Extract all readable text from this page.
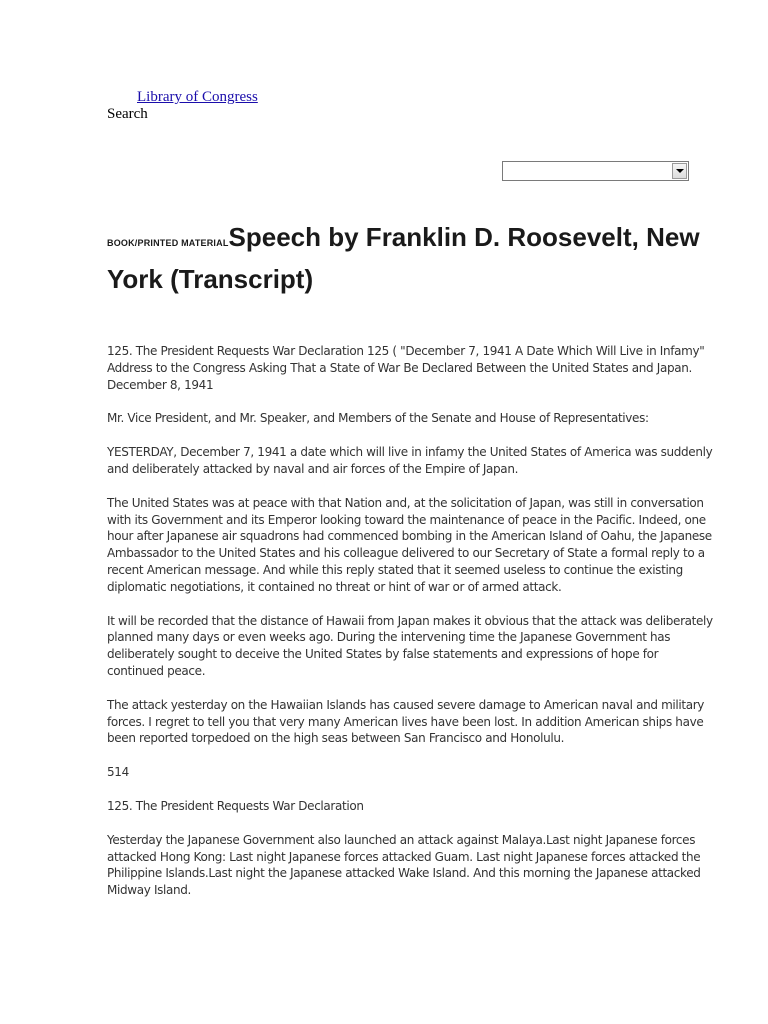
Library of Congress
Search
BOOK/PRINTED MATERIALSpeech by Franklin D. Roosevelt, New York (Transcript)

125. The President Requests War Declaration 125 ( "December 7, 1941 A Date Which Will Live in Infamy" Address to the Congress Asking That a State of War Be Declared Between the United States and Japan. December 8, 1941

Mr. Vice President, and Mr. Speaker, and Members of the Senate and House of Representatives:

YESTERDAY, December 7, 1941 a date which will live in infamy the United States of America was suddenly and deliberately attacked by naval and air forces of the Empire of Japan.

The United States was at peace with that Nation and, at the solicitation of Japan, was still in conversation with its Government and its Emperor looking toward the maintenance of peace in the Pacific. Indeed, one hour after Japanese air squadrons had commenced bombing in the American Island of Oahu, the Japanese Ambassador to the United States and his colleague delivered to our Secretary of State a formal reply to a recent American message. And while this reply stated that it seemed useless to continue the existing diplomatic negotiations, it contained no threat or hint of war or of armed attack.

It will be recorded that the distance of Hawaii from Japan makes it obvious that the attack was deliberately planned many days or even weeks ago. During the intervening time the Japanese Government has deliberately sought to deceive the United States by false statements and expressions of hope for continued peace.

The attack yesterday on the Hawaiian Islands has caused severe damage to American naval and military forces. I regret to tell you that very many American lives have been lost. In addition American ships have been reported torpedoed on the high seas between San Francisco and Honolulu.

514

125. The President Requests War Declaration

Yesterday the Japanese Government also launched an attack against Malaya.Last night Japanese forces attacked Hong Kong: Last night Japanese forces attacked Guam. Last night Japanese forces attacked the Philippine Islands.Last night the Japanese attacked Wake Island. And this morning the Japanese attacked Midway Island.
